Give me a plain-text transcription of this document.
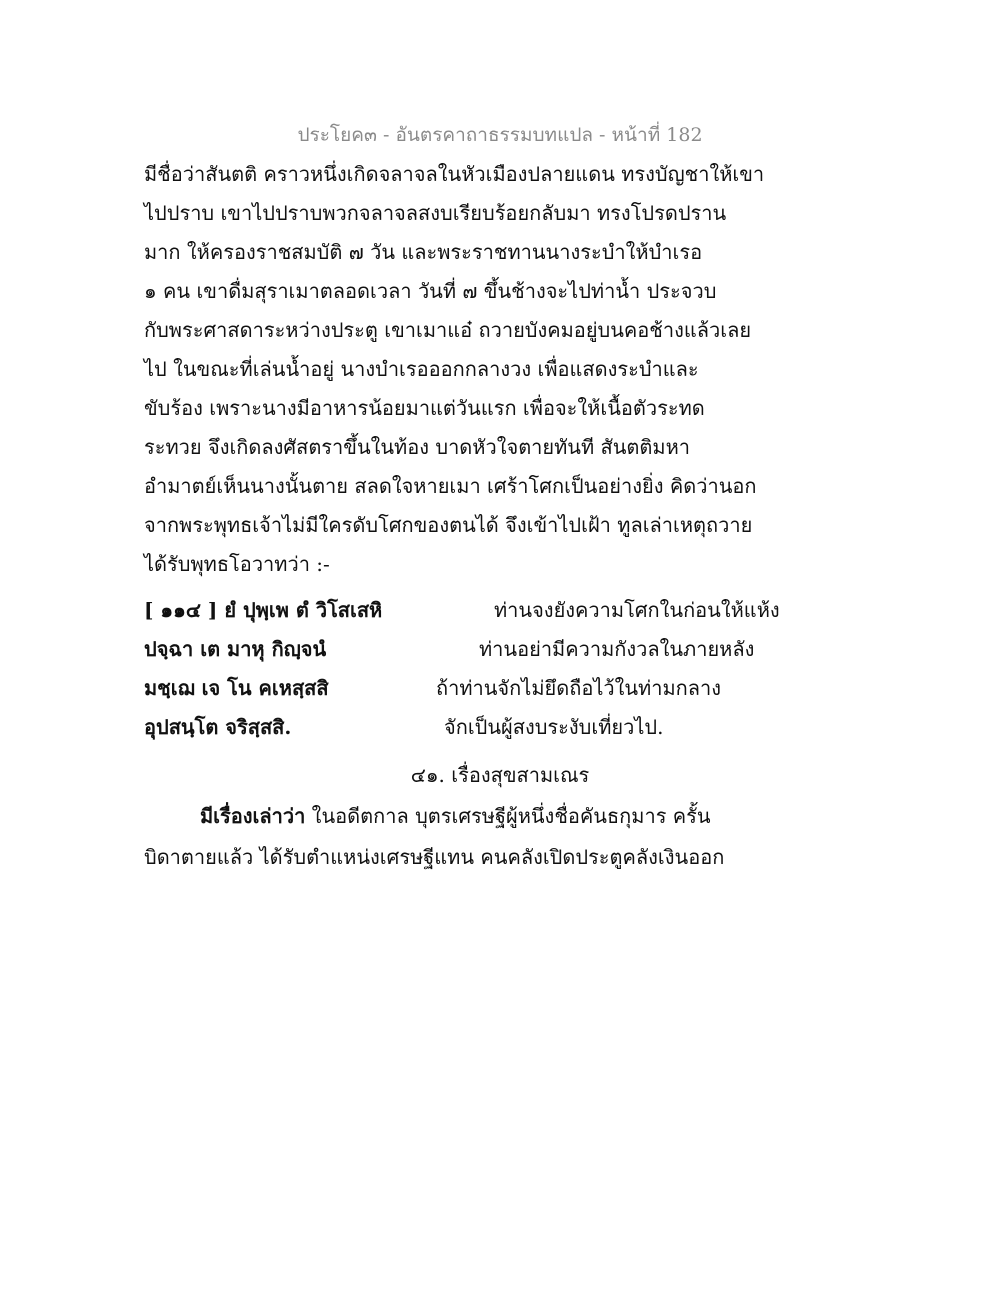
ประโยค๓ - อันตรคาถาธรรมบทแปล - หน้าที่ 182
มีชื่อว่าสันตติ คราวหนึ่งเกิดจลาจลในหัวเมืองปลายแดน ทรงบัญชาให้เขา
ไปปราบ เขาไปปราบพวกจลาจลสงบเรียบร้อยกลับมา ทรงโปรดปราน
มาก ให้ครองราชสมบัติ ๗ วัน และพระราชทานนางระบำให้บำเรอ
๑ คน เขาดื่มสุราเมาตลอดเวลา วันที่ ๗ ขึ้นช้างจะไปท่าน้ำ ประจวบ
กับพระศาสดาระหว่างประตู เขาเมาแอ๋ ถวายบังคมอยู่บนคอช้างแล้วเลย
ไป ในขณะที่เล่นน้ำอยู่ นางบำเรอออกกลางวง เพื่อแสดงระบำและ
ขับร้อง เพราะนางมีอาหารน้อยมาแต่วันแรก เพื่อจะให้เนื้อตัวระทด
ระทวย จึงเกิดลงศัสตราขึ้นในท้อง บาดหัวใจตายทันที สันตติมหา
อำมาตย์เห็นนางนั้นตาย สลดใจหายเมา เศร้าโศกเป็นอย่างยิ่ง คิดว่านอก
จากพระพุทธเจ้าไม่มีใครดับโศกของตนได้ จึงเข้าไปเฝ้า ทูลเล่าเหตุถวาย
ได้รับพุทธโอวาทว่า :-
[ ๑๑๔ ] ยํ ปุพฺเพ ตํ วิโสเสหิ	ท่านจงยังความโศกในก่อนให้แห้ง
ปจฺฉา เต มาหุ กิญฺจนํ	ท่านอย่ามีความกังวลในภายหลัง
มชฺเฌ เจ โน คเหสฺสสิ	ถ้าท่านจักไม่ยึดถือไว้ในท่ามกลาง
อุปสนฺโต จริสฺสสิ.	จักเป็นผู้สงบระงับเที่ยวไป.
๔๑. เรื่องสุขสามเณร
มีเรื่องเล่าว่า ในอดีตกาล บุตรเศรษฐีผู้หนึ่งชื่อคันธกุมาร ครั้น
บิดาตายแล้ว ได้รับตำแหน่งเศรษฐีแทน คนคลังเปิดประตูคลังเงินออก
